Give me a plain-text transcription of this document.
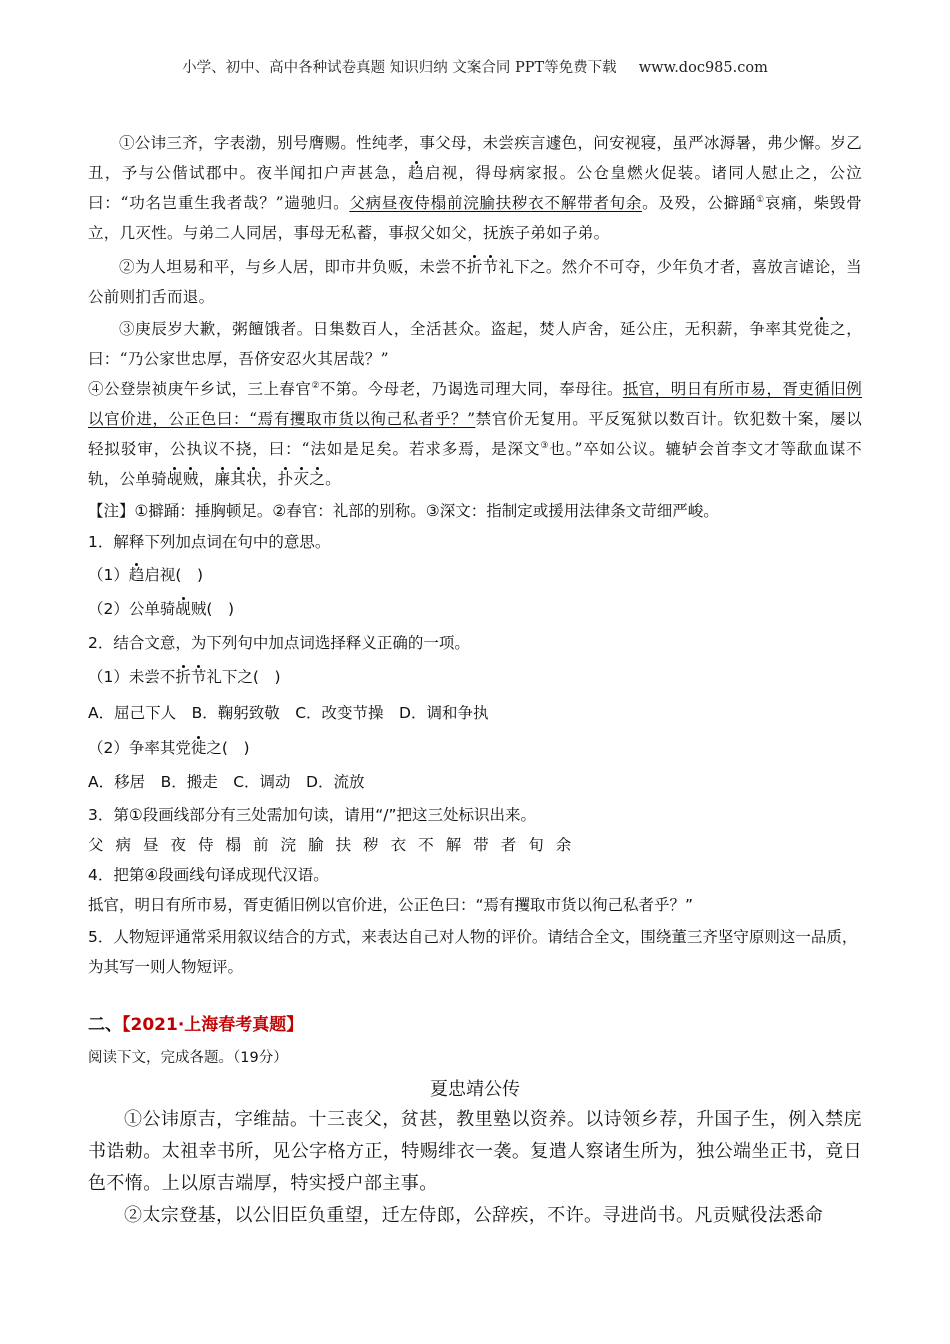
小学、初中、高中各种试卷真题 知识归纳 文案合同 PPT等免费下载 www.doc985.com
①公讳三齐，字表渤，别号膺赐。性纯孝，事父母，未尝疾言遽色，问安视寝，虽严冰溽暑，弗少懈。岁乙丑，予与公偕试郡中。夜半闻扣户声甚急，趋启视，得母病家报。公仓皇燃火促装。诸同人慰止之，公泣曰：“功名岂重生我者哉？”遄驰归。父病昼夜侍榻前浣腧扶秽衣不解带者旬余。及殁，公擗踊①哀痛，柴毁骨立，几灭性。与弟二人同居，事母无私蓄，事叔父如父，抚族子弟如子弟。
②为人坦易和平，与乡人居，即市井负贩，未尝不折节礼下之。然介不可夺，少年负才者，喜放言谑论，当公前则扪舌而退。
③庚辰岁大歉，粥饘饿者。日集数百人，全活甚众。盗起，焚人庐舍，延公庄，无积薪，争率其党徙之，曰：“乃公家世忠厚，吾侪安忍火其居哉？”
④公登崇祯庚午乡试，三上春官②不第。今母老，乃谒选司理大同，奉母往。抵官，明日有所市易，胥吏循旧例以官价进，公正色曰：“焉有攫取市货以徇己私者乎？”禁官价无复用。平反冤狱以数百计。钦犯数十案，屡以轻拟驳审，公执议不挠，曰：“法如是足矣。若求多焉，是深文③也。”卒如公议。辘轳会首李文才等歃血谋不轨，公单骑觇贼，廉其状，扑灭之。
【注】①擗踊：捶胸顿足。②春官：礼部的别称。③深文：指制定或援用法律条文苛细严峻。
1．解释下列加点词在句中的意思。
（1）趋启视(　)
（2）公单骑觇贼(　)
2．结合文意，为下列句中加点词选择释义正确的一项。
（1）未尝不折节礼下之(　)
A．屈己下人　B．鞠躬致敬　C．改变节操　D．调和争执
（2）争率其党徙之(　)
A．移居　B．搬走　C．调动　D．流放
3．第①段画线部分有三处需加句读，请用“/”把这三处标识出来。
父 病 昼 夜 侍 榻 前 浣 腧 扶 秽 衣 不 解 带 者 旬 余
4．把第④段画线句译成现代汉语。
抵官，明日有所市易，胥吏循旧例以官价进，公正色曰：“焉有攫取市货以徇己私者乎？”
5．人物短评通常采用叙议结合的方式，来表达自己对人物的评价。请结合全文，围绕董三齐坚守原则这一品质，为其写一则人物短评。
二、【2021·上海春考真题】
阅读下文，完成各题。（19分）
夏忠靖公传
①公讳原吉，字维喆。十三丧父，贫甚，教里塾以资养。以诗领乡荐，升国子生，例入禁庑书诰勅。太祖幸书所，见公字格方正，特赐绯衣一袭。复遣人察诸生所为，独公端坐正书，竟日色不惰。上以原吉端厚，特实授户部主事。
②太宗登基，以公旧臣负重望，迁左侍郎，公辞疾，不许。寻进尚书。凡贡赋役法悉命
